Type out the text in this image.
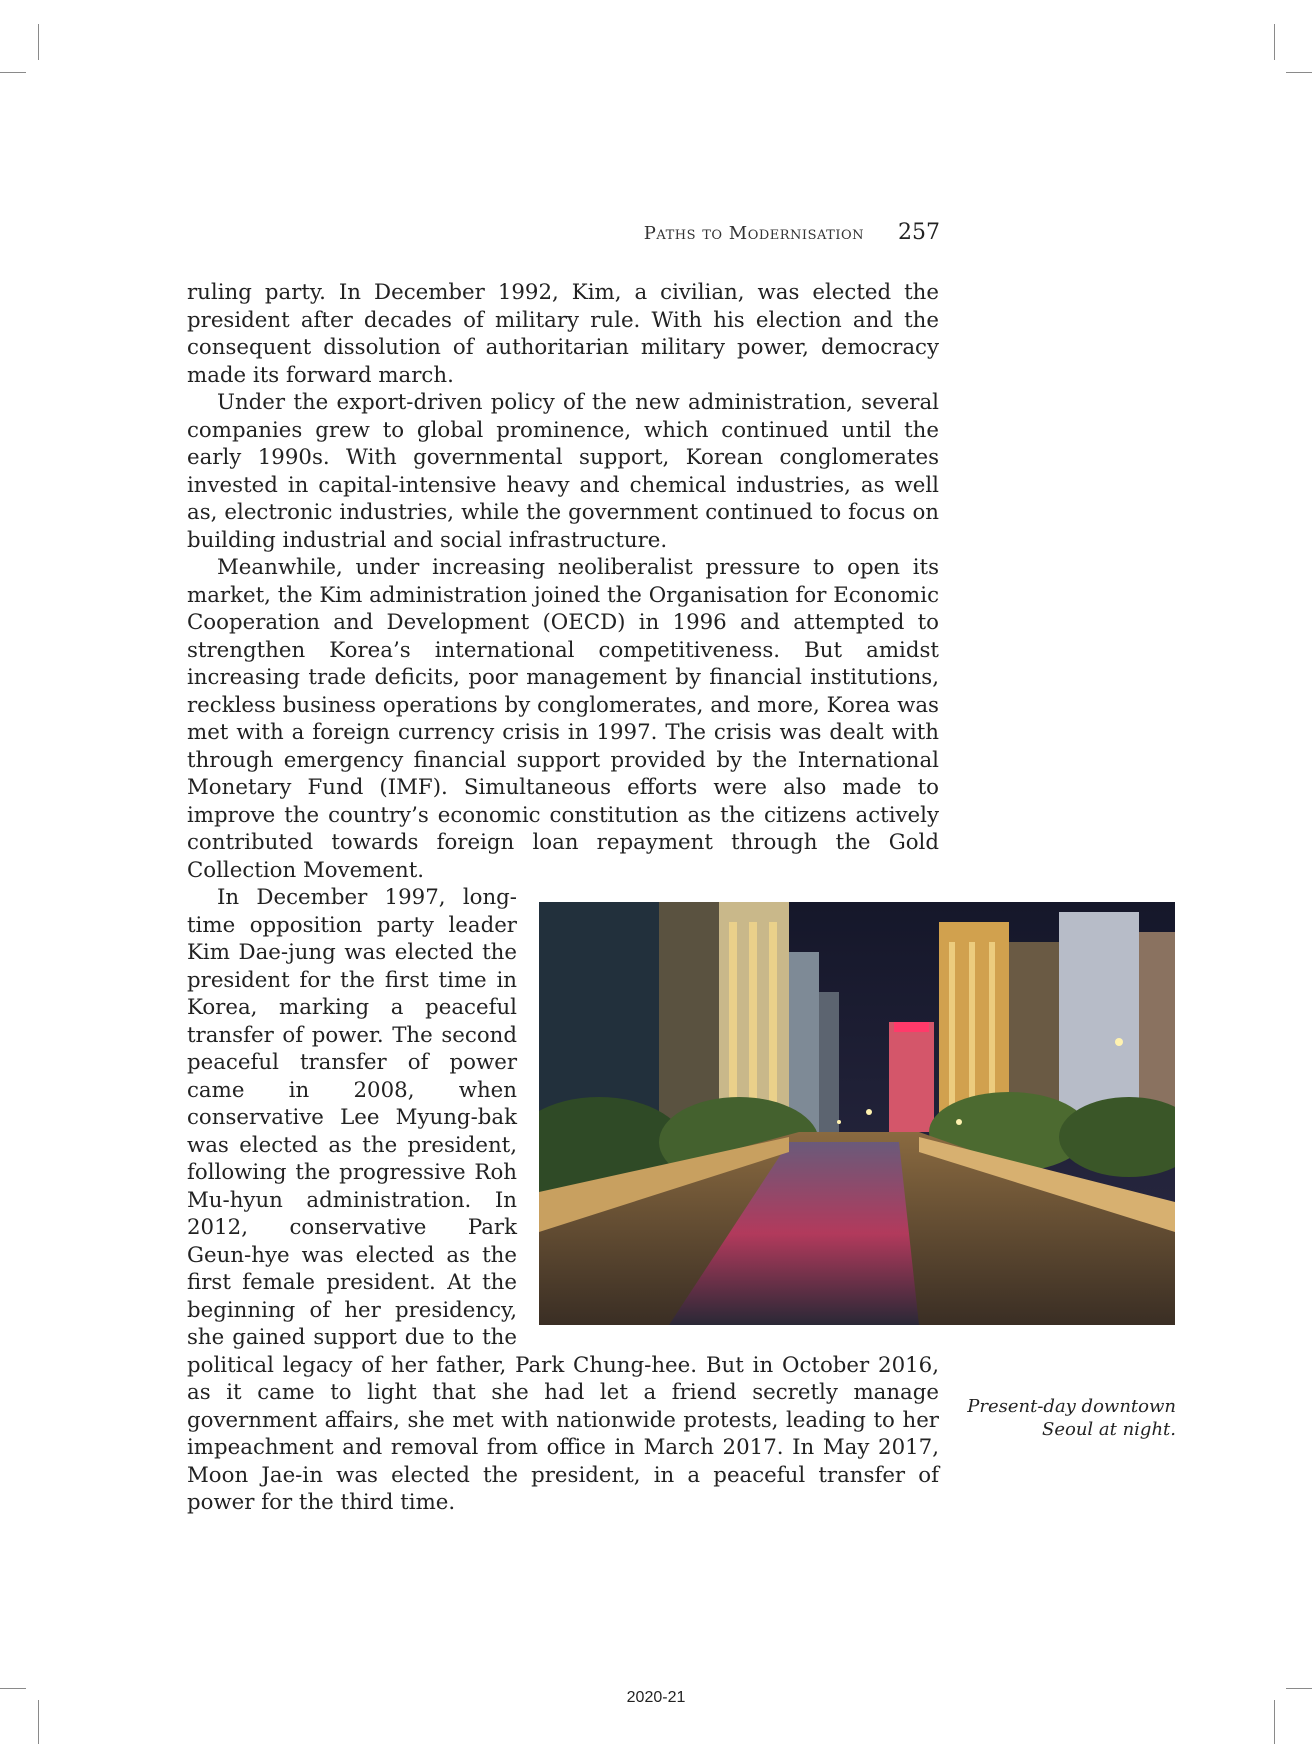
Paths to Modernisation 257

ruling party. In December 1992, Kim, a civilian, was elected the president after decades of military rule. With his election and the consequent dissolution of authoritarian military power, democracy made its forward march.

Under the export-driven policy of the new administration, several companies grew to global prominence, which continued until the early 1990s. With governmental support, Korean conglomerates invested in capital-intensive heavy and chemical industries, as well as, electronic industries, while the government continued to focus on building industrial and social infrastructure.

Meanwhile, under increasing neoliberalist pressure to open its market, the Kim administration joined the Organisation for Economic Cooperation and Development (OECD) in 1996 and attempted to strengthen Korea’s international competitiveness. But amidst increasing trade deficits, poor management by financial institutions, reckless business operations by conglomerates, and more, Korea was met with a foreign currency crisis in 1997. The crisis was dealt with through emergency financial support provided by the International Monetary Fund (IMF). Simultaneous efforts were also made to improve the country’s economic constitution as the citizens actively contributed towards foreign loan repayment through the Gold Collection Movement.

In December 1997, long-time opposition party leader Kim Dae-jung was elected the president for the first time in Korea, marking a peaceful transfer of power. The second peaceful transfer of power came in 2008, when conservative Lee Myung-bak was elected as the president, following the progressive Roh Mu-hyun administration. In 2012, conservative Park Geun-hye was elected as the first female president. At the beginning of her presidency, she gained support due to the political legacy of her father, Park Chung-hee. But in October 2016, as it came to light that she had let a friend secretly manage government affairs, she met with nationwide protests, leading to her impeachment and removal from office in March 2017. In May 2017, Moon Jae-in was elected the president, in a peaceful transfer of power for the third time.

Present-day downtown Seoul at night.
2020-21
